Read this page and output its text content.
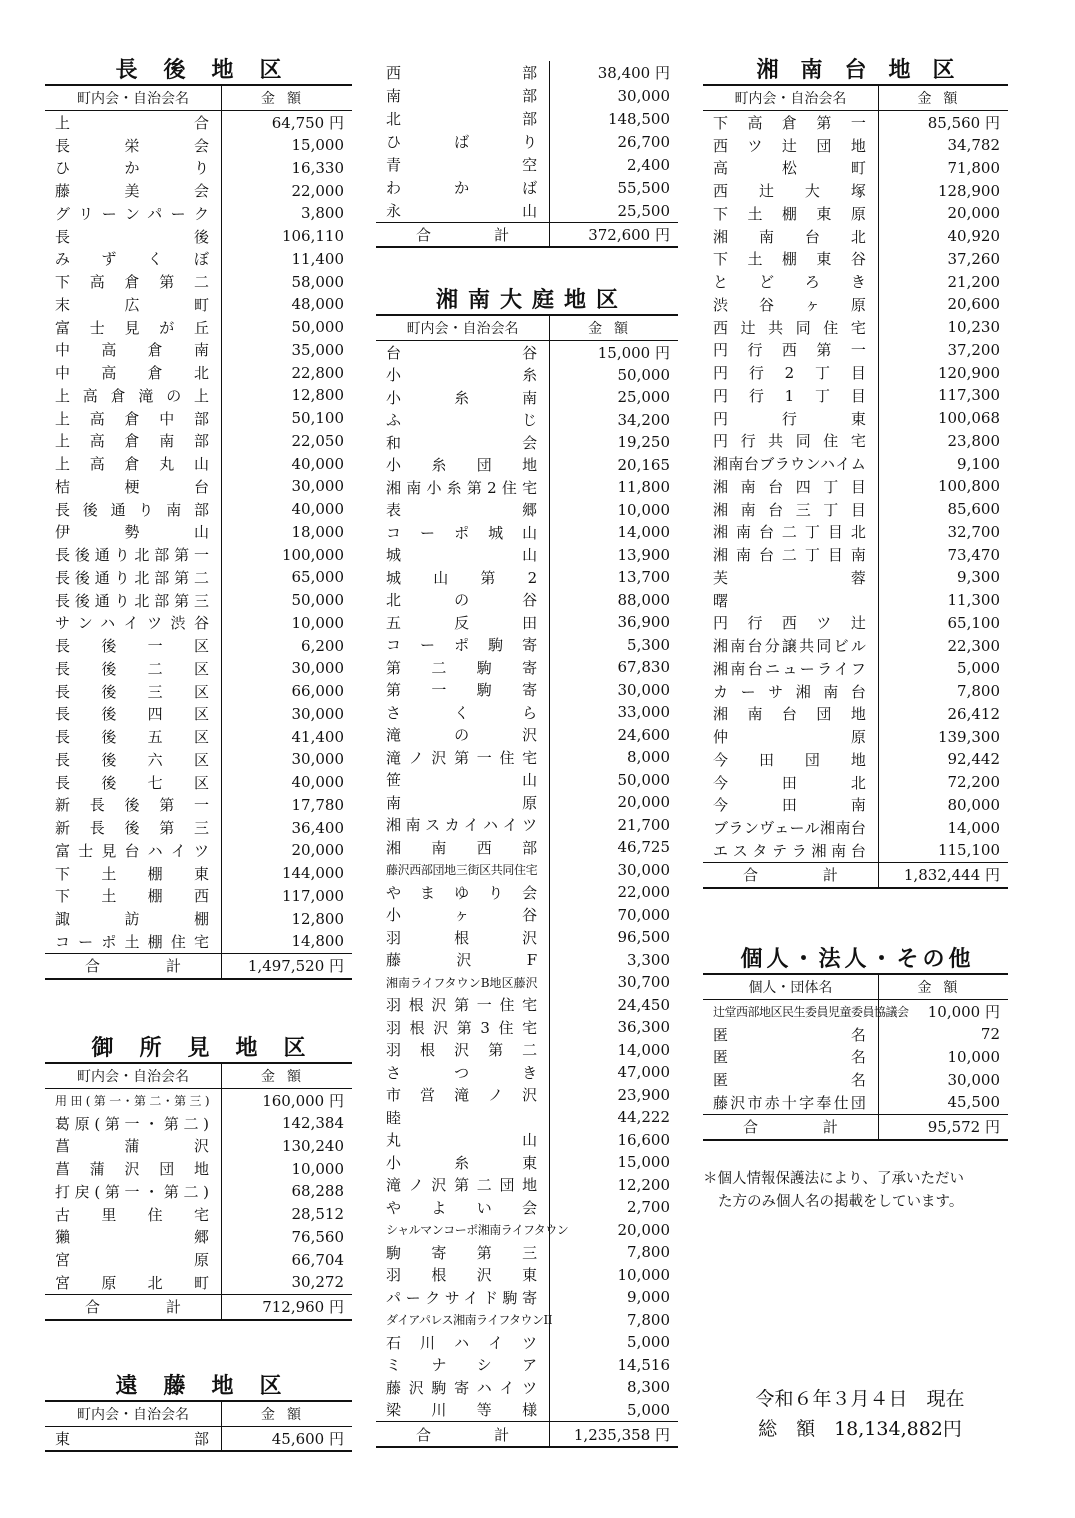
長後地区
町内会・自治会名	金額
上合	64,750 円
長栄会	15,000
ひかり	16,330
藤美会	22,000
グリーンパーク	3,800
長後	106,110
みずくぼ	11,400
下高倉第二	58,000
末広町	48,000
富士見が丘	50,000
中高倉南	35,000
中高倉北	22,800
上高倉滝の上	12,800
上高倉中部	50,100
上高倉南部	22,050
上高倉丸山	40,000
桔梗台	30,000
長後通り南部	40,000
伊勢山	18,000
長後通り北部第一	100,000
長後通り北部第二	65,000
長後通り北部第三	50,000
サンハイツ渋谷	10,000
長後一区	6,200
長後二区	30,000
長後三区	66,000
長後四区	30,000
長後五区	41,400
長後六区	30,000
長後七区	40,000
新長後第一	17,780
新長後第三	36,400
富士見台ハイツ	20,000
下土棚東	144,000
下土棚西	117,000
諏訪棚	12,800
コーポ土棚住宅	14,800
合計	1,497,520 円
御所見地区
町内会・自治会名	金額
用田(第一･第二･第三)	160,000 円
葛原(第一・第二)	142,384
菖蒲沢	130,240
菖蒲沢団地	10,000
打戻(第一・第二)	68,288
古里住宅	28,512
獺郷	76,560
宮原	66,704
宮原北町	30,272
合計	712,960 円
遠藤地区
町内会・自治会名	金額
東部	45,600 円
西部	38,400 円
南部	30,000
北部	148,500
ひばり	26,700
青空	2,400
わかば	55,500
永山	25,500
合計	372,600 円
湘南大庭地区
町内会・自治会名	金額
台谷	15,000 円
小糸	50,000
小糸南	25,000
ふじ	34,200
和会	19,250
小糸団地	20,165
湘南小糸第2住宅	11,800
表郷	10,000
コーポ城山	14,000
城山	13,900
城山第2	13,700
北の谷	88,000
五反田	36,900
コーポ駒寄	5,300
第二駒寄	67,830
第一駒寄	30,000
さくら	33,000
滝の沢	24,600
滝ノ沢第一住宅	8,000
笹山	50,000
南原	20,000
湘南スカイハイツ	21,700
湘南西部	46,725
藤沢西部団地三街区共同住宅	30,000
やまゆり会	22,000
小ヶ谷	70,000
羽根沢	96,500
藤沢F	3,300
湘南ライフタウンB地区藤沢	30,700
羽根沢第一住宅	24,450
羽根沢第3住宅	36,300
羽根沢第二	14,000
さつき	47,000
市営滝ノ沢	23,900
睦	44,222
丸山	16,600
小糸東	15,000
滝ノ沢第二団地	12,200
やよい会	2,700
シャルマンコーポ湘南ライフタウン	20,000
駒寄第三	7,800
羽根沢東	10,000
パークサイド駒寄	9,000
ダイアパレス湘南ライフタウンII	7,800
石川ハイツ	5,000
ミナシア	14,516
藤沢駒寄ハイツ	8,300
梁川等様	5,000
合計	1,235,358 円
湘南台地区
町内会・自治会名	金額
下高倉第一	85,560 円
西ツ辻団地	34,782
高松町	71,800
西辻大塚	128,900
下土棚東原	20,000
湘南台北	40,920
下土棚東谷	37,260
とどろき	21,200
渋谷ヶ原	20,600
西辻共同住宅	10,230
円行西第一	37,200
円行2丁目	120,900
円行1丁目	117,300
円行東	100,068
円行共同住宅	23,800
湘南台ブラウンハイム	9,100
湘南台四丁目	100,800
湘南台三丁目	85,600
湘南台二丁目北	32,700
湘南台二丁目南	73,470
芙蓉	9,300
曙	11,300
円行西ツ辻	65,100
湘南台分譲共同ビル	22,300
湘南台ニューライフ	5,000
カーサ湘南台	7,800
湘南台団地	26,412
仲原	139,300
今田団地	92,442
今田北	72,200
今田南	80,000
ブランヴェール湘南台	14,000
エスタテラ湘南台	115,100
合計	1,832,444 円
個人・法人・その他
個人・団体名	金額
辻堂西部地区民生委員児童委員協議会	10,000 円
匿名	72
匿名	10,000
匿名	30,000
藤沢市赤十字奉仕団	45,500
合計	95,572 円
＊個人情報保護法により、了承いただい
た方のみ個人名の掲載をしています。
令和６年３月４日　現在
総　額　18,134,882円
